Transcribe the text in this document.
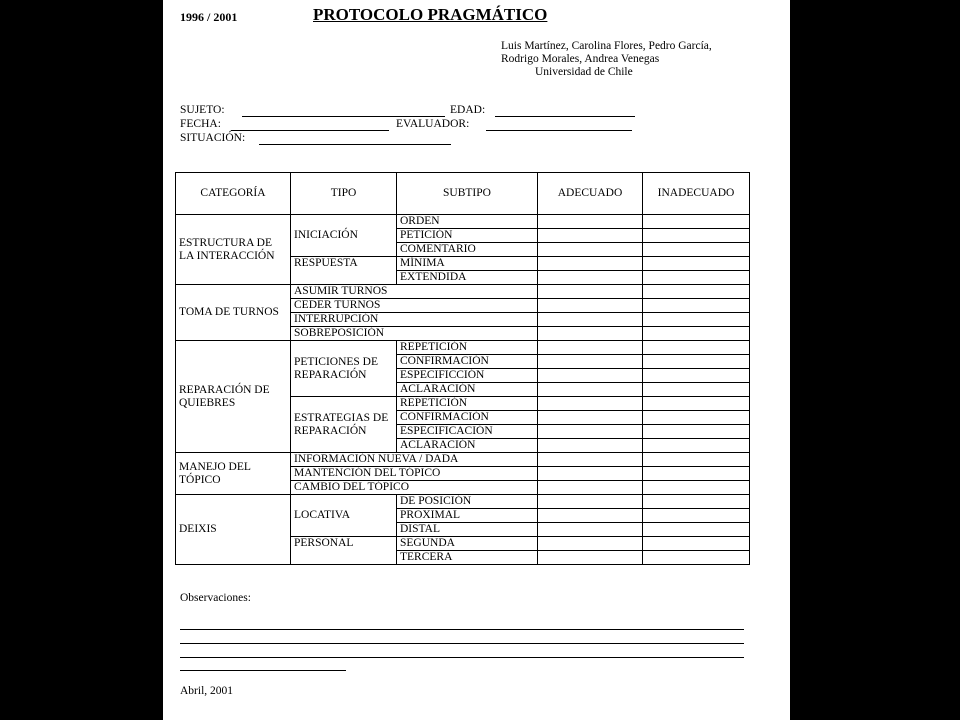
1996 / 2001	PROTOCOLO PRAGMÁTICO
Luis Martínez, Carolina Flores, Pedro García,
Rodrigo Morales, Andrea Venegas
Universidad de Chile
SUJETO:	EDAD:
FECHA:	EVALUADOR:
SITUACIÓN:
CATEGORÍA	TIPO	SUBTIPO	ADECUADO	INADECUADO
ESTRUCTURA DE LA INTERACCIÓN	INICIACIÓN	ORDEN		
		PETICIÓN		
		COMENTARIO		
	RESPUESTA	MÍNIMA		
		EXTENDIDA		
TOMA DE TURNOS	ASUMIR TURNOS			
	CEDER TURNOS			
	INTERRUPCIÓN			
	SOBREPOSICIÓN			
REPARACIÓN DE QUIEBRES	PETICIONES DE REPARACIÓN	REPETICIÓN		
		CONFIRMACIÓN		
		ESPECIFICCIÓN		
		ACLARACIÓN		
	ESTRATEGIAS DE REPARACIÓN	REPETICIÓN		
		CONFIRMACIÓN		
		ESPECIFICACIÓN		
		ACLARACIÓN		
MANEJO DEL TÓPICO	INFORMACIÓN NUEVA / DADA			
	MANTENCIÓN DEL TÓPICO			
	CAMBIO DEL TÓPICO			
DEIXIS	LOCATIVA	DE POSICIÓN		
		PROXIMAL		
		DISTAL		
	PERSONAL	SEGUNDA		
		TERCERA		
Observaciones:
Abril, 2001
